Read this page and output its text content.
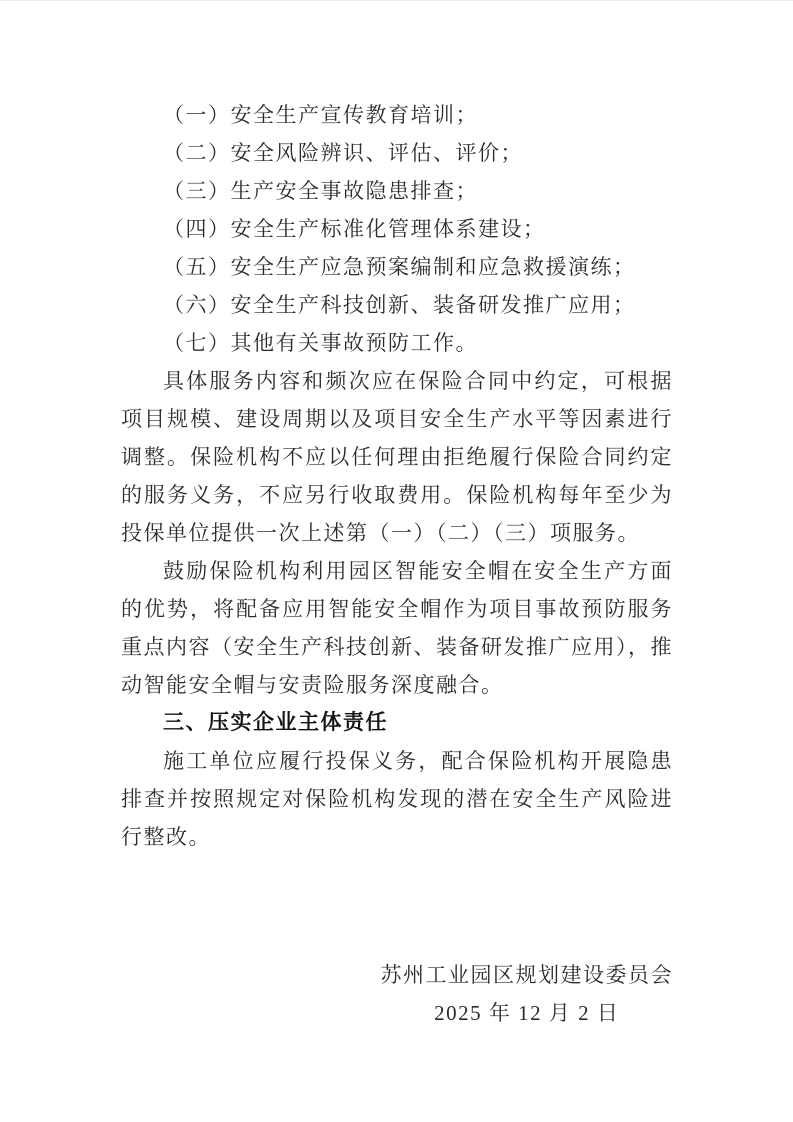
（一）安全生产宣传教育培训；

（二）安全风险辨识、评估、评价；

（三）生产安全事故隐患排查；

（四）安全生产标准化管理体系建设；

（五）安全生产应急预案编制和应急救援演练；

（六）安全生产科技创新、装备研发推广应用；

（七）其他有关事故预防工作。

具体服务内容和频次应在保险合同中约定，可根据项目规模、建设周期以及项目安全生产水平等因素进行调整。保险机构不应以任何理由拒绝履行保险合同约定的服务义务，不应另行收取费用。保险机构每年至少为投保单位提供一次上述第（一）（二）（三）项服务。

鼓励保险机构利用园区智能安全帽在安全生产方面的优势，将配备应用智能安全帽作为项目事故预防服务重点内容（安全生产科技创新、装备研发推广应用），推动智能安全帽与安责险服务深度融合。

三、压实企业主体责任

施工单位应履行投保义务，配合保险机构开展隐患排查并按照规定对保险机构发现的潜在安全生产风险进行整改。

苏州工业园区规划建设委员会

2025 年 12 月 2 日
